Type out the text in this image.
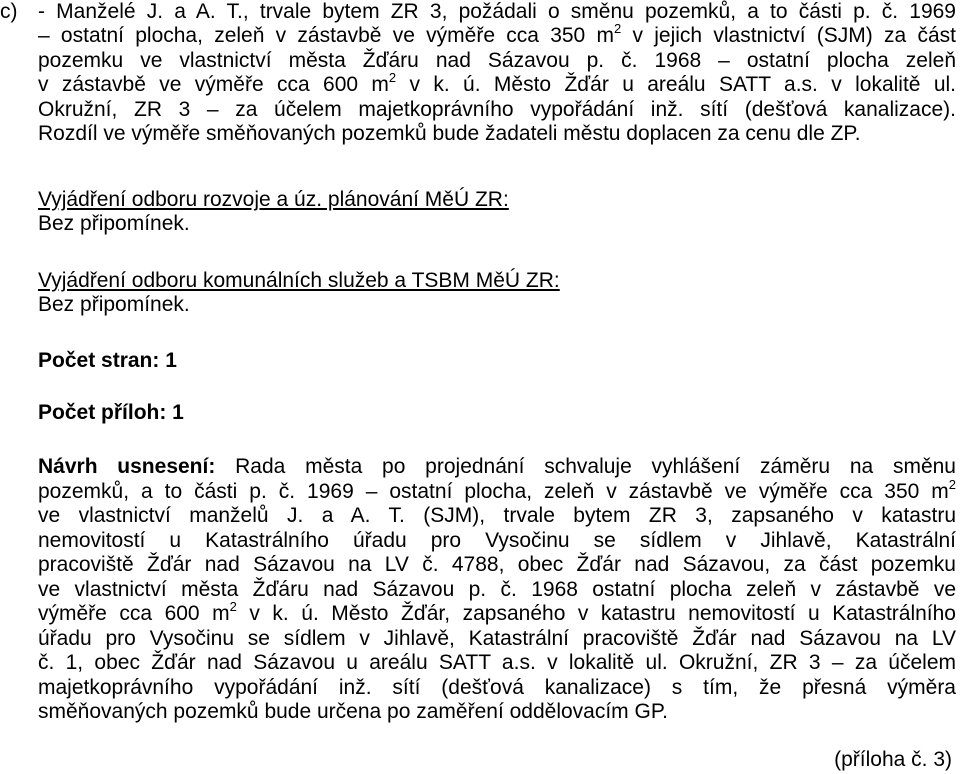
c) - Manželé J. a A. T., trvale bytem ZR 3, požádali o směnu pozemků, a to části p. č. 1969
– ostatní plocha, zeleň v zástavbě ve výměře cca 350 $m^2$ v jejich vlastnictví (SJM) za část
pozemku ve vlastnictví města Žďáru nad Sázavou p. č. 1968 – ostatní plocha zeleň
v zástavbě ve výměře cca 600 $m^2$ v k. ú. Město Žďár u areálu SATT a.s. v lokalitě ul.
Okružní, ZR 3 – za účelem majetkoprávního vypořádání inž. sítí (dešťová kanalizace).
Rozdíl ve výměře směňovaných pozemků bude žadateli městu doplacen za cenu dle ZP.
Vyjádření odboru rozvoje a úz. plánování MěÚ ZR:
Bez připomínek.
Vyjádření odboru komunálních služeb a TSBM MěÚ ZR:
Bez připomínek.
Počet stran: 1
Počet příloh: 1
Návrh usnesení: Rada města po projednání schvaluje vyhlášení záměru na směnu
pozemků, a to části p. č. 1969 – ostatní plocha, zeleň v zástavbě ve výměře cca 350 $m^2$
ve vlastnictví manželů J. a A. T. (SJM), trvale bytem ZR 3, zapsaného v katastru
nemovitostí u Katastrálního úřadu pro Vysočinu se sídlem v Jihlavě, Katastrální
pracoviště Žďár nad Sázavou na LV č. 4788, obec Žďár nad Sázavou, za část pozemku
ve vlastnictví města Žďáru nad Sázavou p. č. 1968 ostatní plocha zeleň v zástavbě ve
výměře cca 600 $m^2$ v k. ú. Město Žďár, zapsaného v katastru nemovitostí u Katastrálního
úřadu pro Vysočinu se sídlem v Jihlavě, Katastrální pracoviště Žďár nad Sázavou na LV
č. 1, obec Žďár nad Sázavou u areálu SATT a.s. v lokalitě ul. Okružní, ZR 3 – za účelem
majetkoprávního vypořádání inž. sítí (dešťová kanalizace) s tím, že přesná výměra
směňovaných pozemků bude určena po zaměření oddělovacím GP.
(příloha č. 3)
